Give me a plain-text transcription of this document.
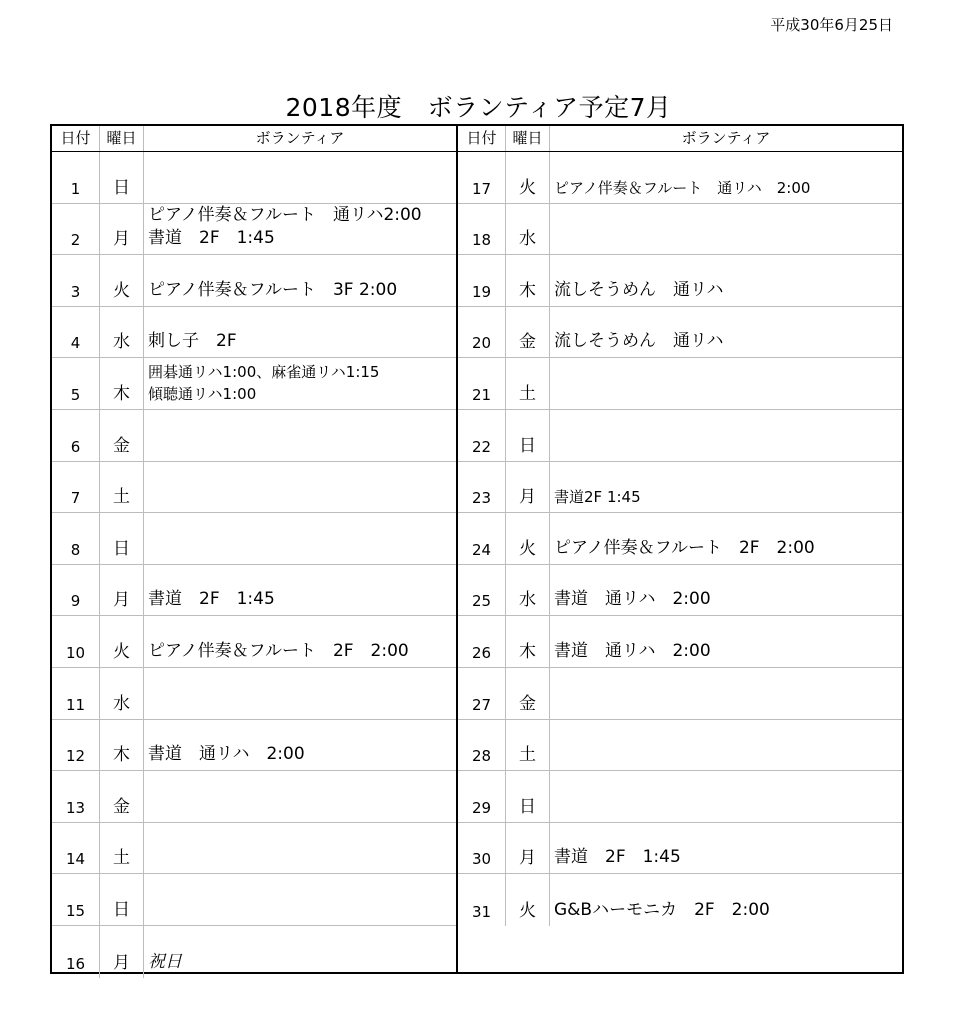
平成30年6月25日
2018年度　ボランティア予定7月
日付	曜日	ボランティア
1	日
2	月
ピアノ伴奏＆フルート　通リハ2:00
書道　2F　1:45
3	火	ピアノ伴奏＆フルート　3F 2:00
4	水	刺し子　2F
5	木
囲碁通リハ1:00、麻雀通リハ1:15
傾聴通リハ1:00
6	金
7	土
8	日
9	月	書道　2F　1:45
10	火	ピアノ伴奏＆フルート　2F　2:00
11	水
12	木	書道　通リハ　2:00
13	金
14	土
15	日
16	月	祝日
日付	曜日	ボランティア
17	火	ピアノ伴奏＆フルート　通リハ　2:00
18	水
19	木	流しそうめん　通リハ
20	金	流しそうめん　通リハ
21	土
22	日
23	月	書道2F 1:45
24	火	ピアノ伴奏＆フルート　2F　2:00
25	水	書道　通リハ　2:00
26	木	書道　通リハ　2:00
27	金
28	土
29	日
30	月	書道　2F　1:45
31	火	G&Bハーモニカ　2F　2:00
